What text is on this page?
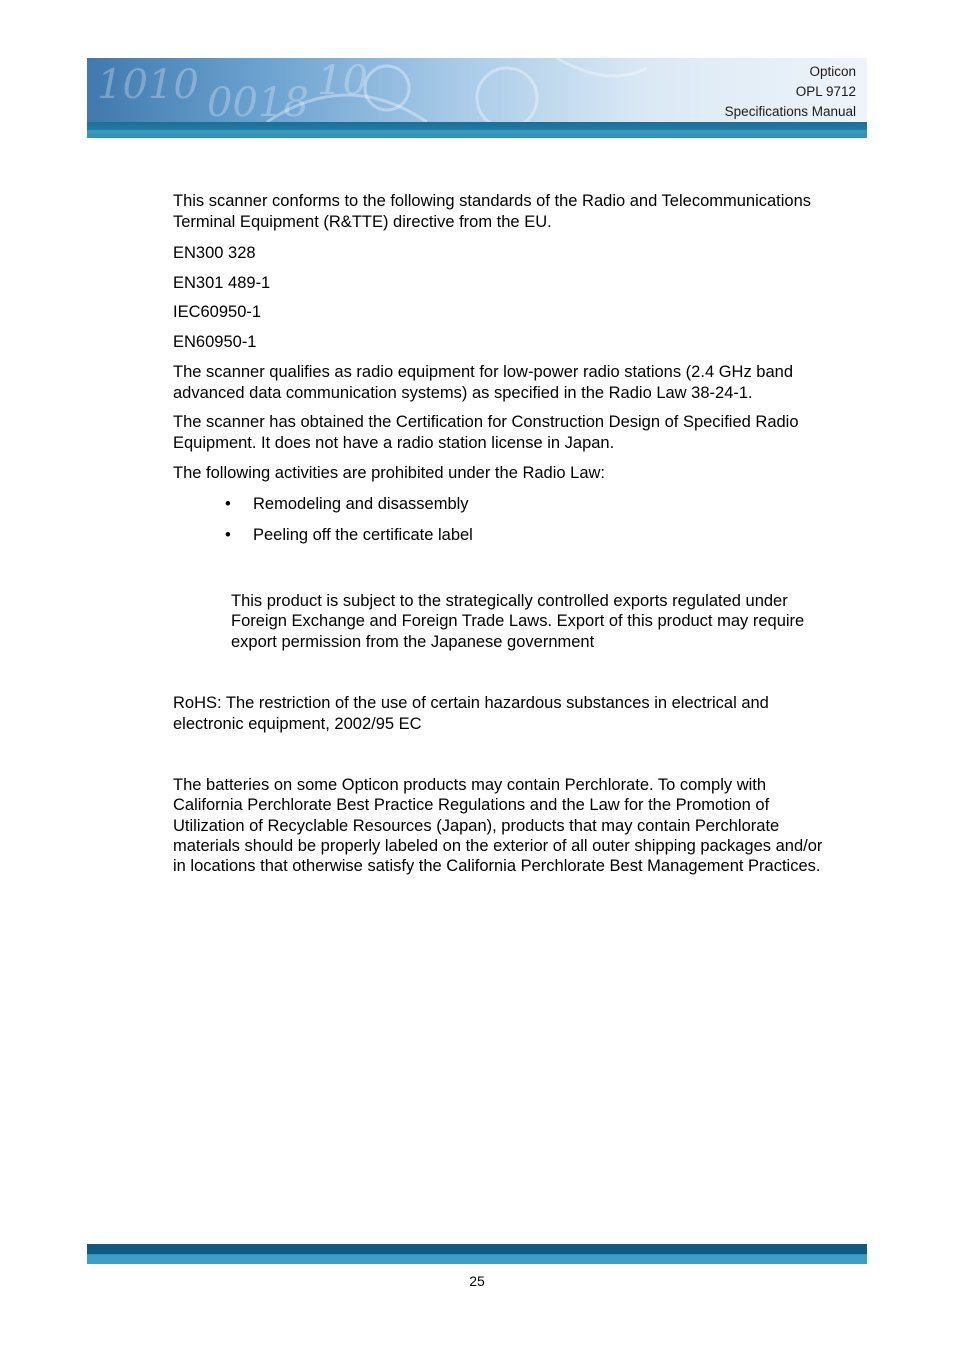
1010 0018 10	Opticon
OPL 9712
Specifications Manual
This scanner conforms to the following standards of the Radio and Telecommunications
Terminal Equipment (R&TTE) directive from the EU.
EN300 328
EN301 489-1
IEC60950-1
EN60950-1
The scanner qualifies as radio equipment for low-power radio stations (2.4 GHz band
advanced data communication systems) as specified in the Radio Law 38-24-1.
The scanner has obtained the Certification for Construction Design of Specified Radio
Equipment. It does not have a radio station license in Japan.
The following activities are prohibited under the Radio Law:
• Remodeling and disassembly
• Peeling off the certificate label
This product is subject to the strategically controlled exports regulated under
Foreign Exchange and Foreign Trade Laws. Export of this product may require
export permission from the Japanese government
RoHS: The restriction of the use of certain hazardous substances in electrical and
electronic equipment, 2002/95 EC
The batteries on some Opticon products may contain Perchlorate. To comply with
California Perchlorate Best Practice Regulations and the Law for the Promotion of
Utilization of Recyclable Resources (Japan), products that may contain Perchlorate
materials should be properly labeled on the exterior of all outer shipping packages and/or
in locations that otherwise satisfy the California Perchlorate Best Management Practices.
25
